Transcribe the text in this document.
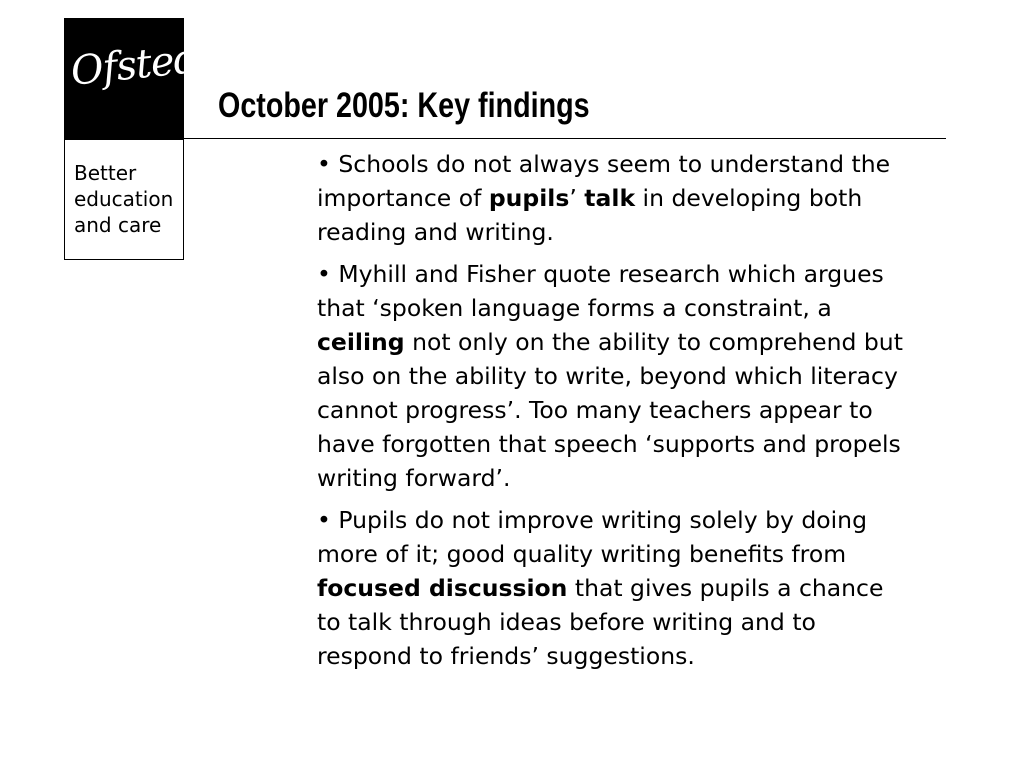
Ofsted
Better
education
and care
October 2005: Key findings

• Schools do not always seem to understand the importance of pupils’ talk in developing both reading and writing.

• Myhill and Fisher quote research which argues that ‘spoken language forms a constraint, a ceiling not only on the ability to comprehend but also on the ability to write, beyond which literacy cannot progress’. Too many teachers appear to have forgotten that speech ‘supports and propels writing forward’.

• Pupils do not improve writing solely by doing more of it; good quality writing benefits from focused discussion that gives pupils a chance to talk through ideas before writing and to respond to friends’ suggestions.
